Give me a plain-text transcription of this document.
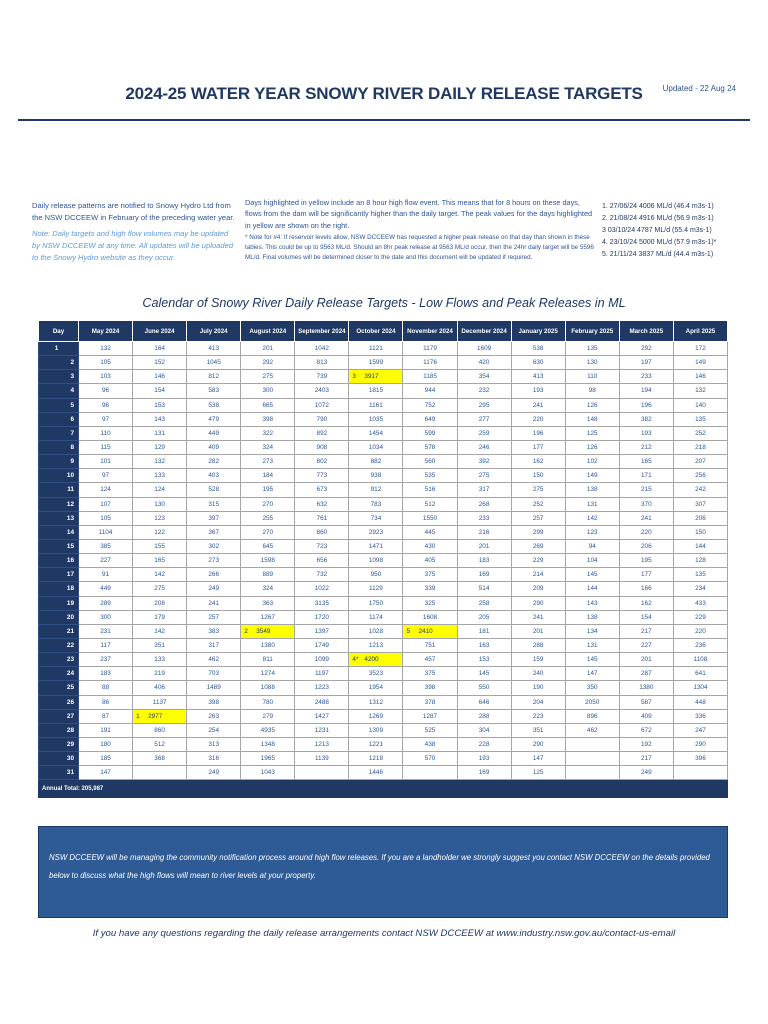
2024-25 WATER YEAR SNOWY RIVER DAILY RELEASE TARGETS	Updated - 22 Aug 24

Daily release patterns are notified to Snowy Hydro Ltd from the NSW DCCEEW in February of the preceding water year.

Note: Daily targets and high flow volumes may be updated by NSW DCCEEW at any time. All updates will be uploaded to the Snowy Hydro website as they occur.

Days highlighted in yellow include an 8 hour high flow event. This means that for 8 hours on these days, flows from the dam will be significantly higher than the daily target. The peak values for the days highlighted in yellow are shown on the right.

* Note for #4: If reservoir levels allow, NSW DCCEEW has requested a higher peak release on that day than shown in these tables. This could be up to 9563 ML/d. Should an 8hr peak release at 9563 ML/d occur, then the 24hr daily target will be 5596 ML/d. Final volumes will be determined closer to the date and this document will be updated if required.

1. 27/06/24 4006 ML/d (46.4 m3s-1)
2. 21/08/24 4916 ML/d (56.9 m3s-1)
3 03/10/24 4787 ML/d (55.4 m3s-1)
4. 23/10/24 5000 ML/d (57.9 m3s-1)*
5. 21/11/24 3837 ML/d (44.4 m3s-1)
Calendar of Snowy River Daily Release Targets - Low Flows and Peak Releases in ML
Day	May 2024	June 2024	July 2024	August 2024	September 2024	October 2024	November 2024	December 2024	January 2025	February 2025	March 2025	April 2025
1	132	164	413	201	1042	1121	1179	1609	538	135	292	172
2	105	152	1045	292	813	1599	1176	420	630	130	197	149
3	103	146	812	275	739	3 3917	1185	354	413	110	233	146
4	96	154	583	300	2403	1815	944	232	193	98	194	132
5	96	153	538	665	1072	1161	752	295	241	126	196	140
6	97	143	479	398	790	1035	649	277	220	148	382	135
7	110	131	449	322	892	1454	599	259	196	125	193	252
8	115	129	409	324	908	1034	578	246	177	126	212	218
9	101	132	282	273	802	882	560	392	162	102	165	207
10	97	133	403	184	773	938	535	275	150	149	171	256
11	124	124	528	195	673	912	516	317	275	138	215	242
12	107	130	315	270	632	783	512	268	252	131	370	307
13	105	123	397	255	761	734	1550	233	257	142	241	206
14	1104	122	367	270	860	2923	445	216	299	123	220	150
15	385	155	302	645	723	1471	430	201	269	94	206	144
16	227	165	273	1598	656	1098	405	183	229	104	195	128
17	91	142	266	889	732	950	375	169	214	145	177	135
18	449	275	249	324	1022	1129	339	514	209	144	166	234
19	289	208	241	363	3135	1750	325	258	290	143	162	433
20	300	179	257	1267	1720	1174	1608	205	241	138	154	229
21	231	142	383	2 3549	1397	1028	5 2410	181	201	134	217	220
22	117	351	317	1380	1749	1213	751	163	288	131	227	236
23	237	133	462	811	1099	4* 4200	457	153	159	145	201	1108
24	183	219	703	1274	1197	3523	375	145	240	147	287	641
25	88	406	1489	1088	1223	1954	398	550	190	350	1380	1304
26	86	1137	398	780	2488	1312	378	646	204	2050	587	448
27	87	1 2977	263	279	1427	1269	1287	288	223	896	409	336
28	191	860	254	4935	1231	1309	525	304	351	462	672	247
29	180	512	313	1348	1213	1221	438	228	290		192	290
30	185	368	316	1965	1139	1218	570	193	147		217	396
31	147		249	1043		1446		169	125		249	
Annual Total: 205,987												

NSW DCCEEW will be managing the community notification process around high flow releases. If you are a landholder we strongly suggest you contact NSW DCCEEW on the details provided below to discuss what the high flows will mean to river levels at your property.

If you have any questions regarding the daily release arrangements contact NSW DCCEEW at www.industry.nsw.gov.au/contact-us-email
